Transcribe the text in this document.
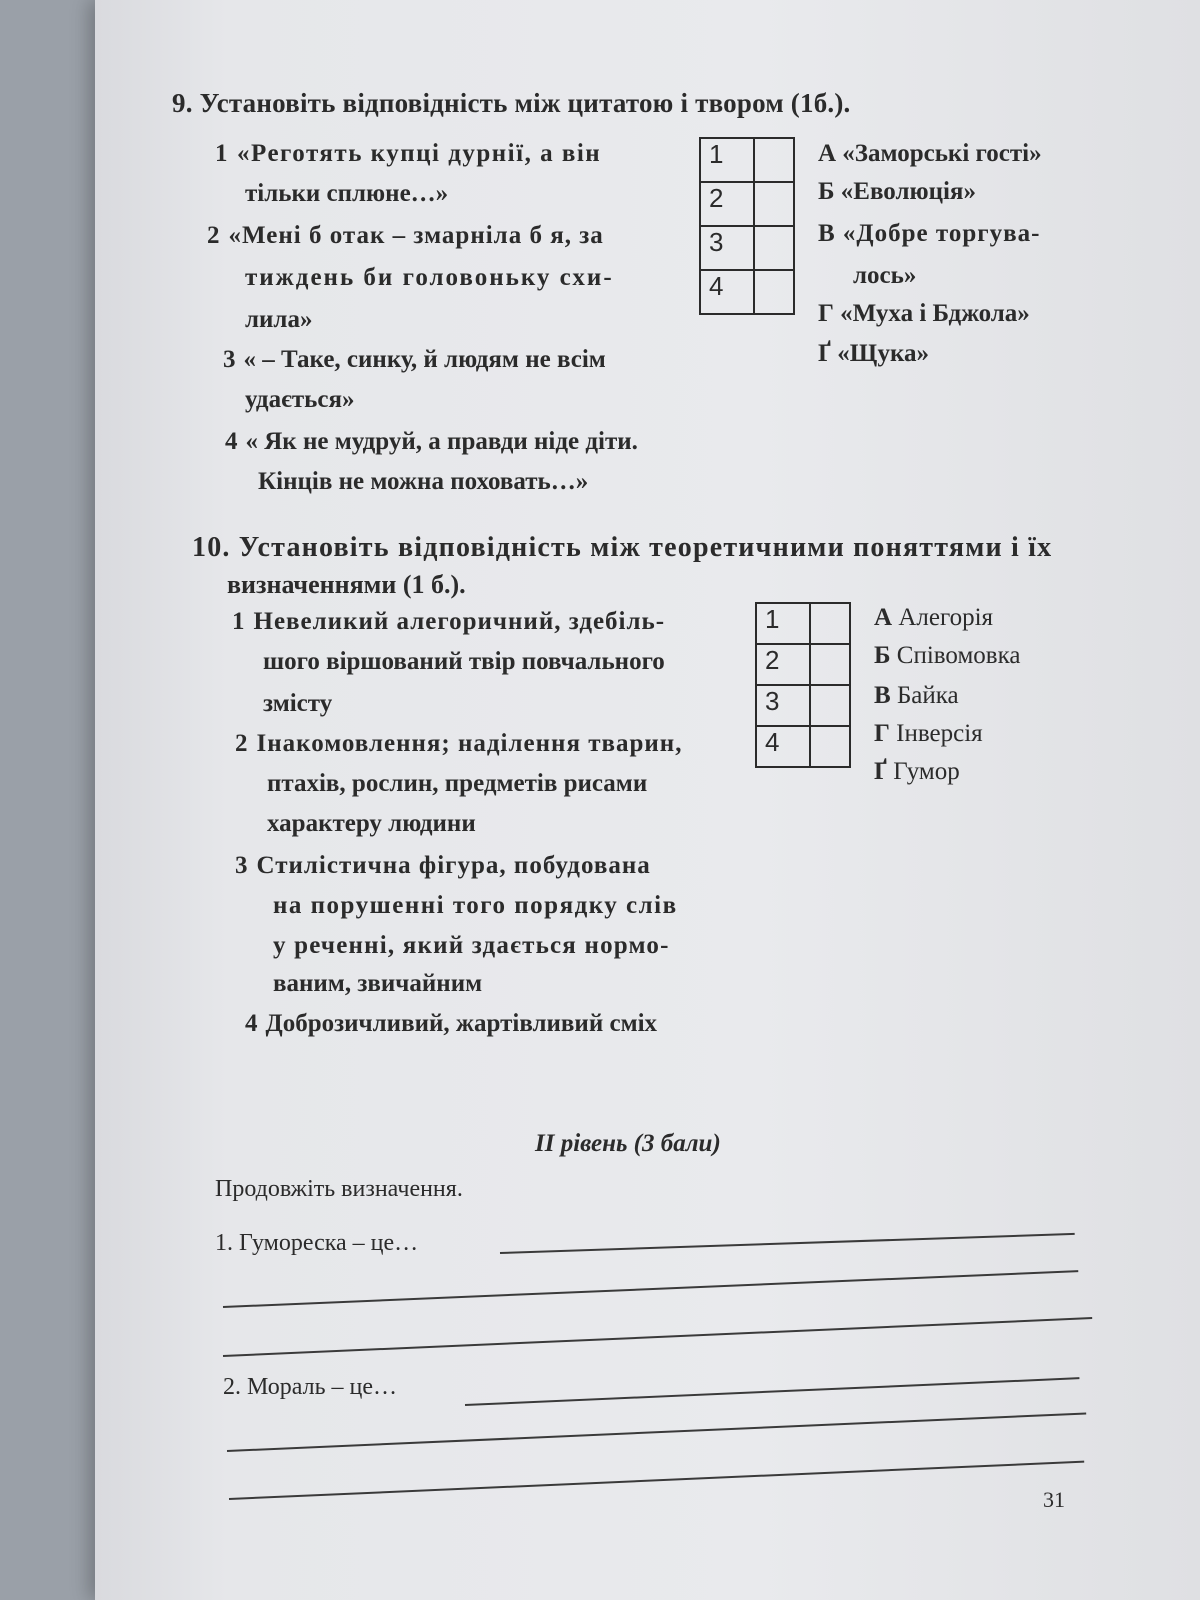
9. Установіть відповідність між цитатою і твором (1б.).
1 «Реготять купці дурнії, а він
тільки сплюне…»
2 «Мені б отак – змарніла б я, за
тиждень би головоньку схи-
лила»
3 « – Таке, синку, й людям не всім
удається»
4 « Як не мудруй, а правди ніде діти.
Кінців не можна поховать…»
1	
2	
3	
4	
А «Заморські гості»
Б «Еволюція»
В «Добре торгува-
лось»
Г «Муха і Бджола»
Ґ «Щука»
10. Установіть відповідність між теоретичними поняттями і їх
визначеннями (1 б.).
1 Невеликий алегоричний, здебіль-
шого віршований твір повчального
змісту
2 Інакомовлення; наділення тварин,
птахів, рослин, предметів рисами
характеру людини
3 Стилістична фігура, побудована
на порушенні того порядку слів
у реченні, який здається нормо-
ваним, звичайним
4 Доброзичливий, жартівливий сміх
1	
2	
3	
4	
А Алегорія
Б Співомовка
В Байка
Г Інверсія
Ґ Гумор
II рівень (3 бали)
Продовжіть визначення.
1. Гумореска – це…
2. Мораль – це…
31
